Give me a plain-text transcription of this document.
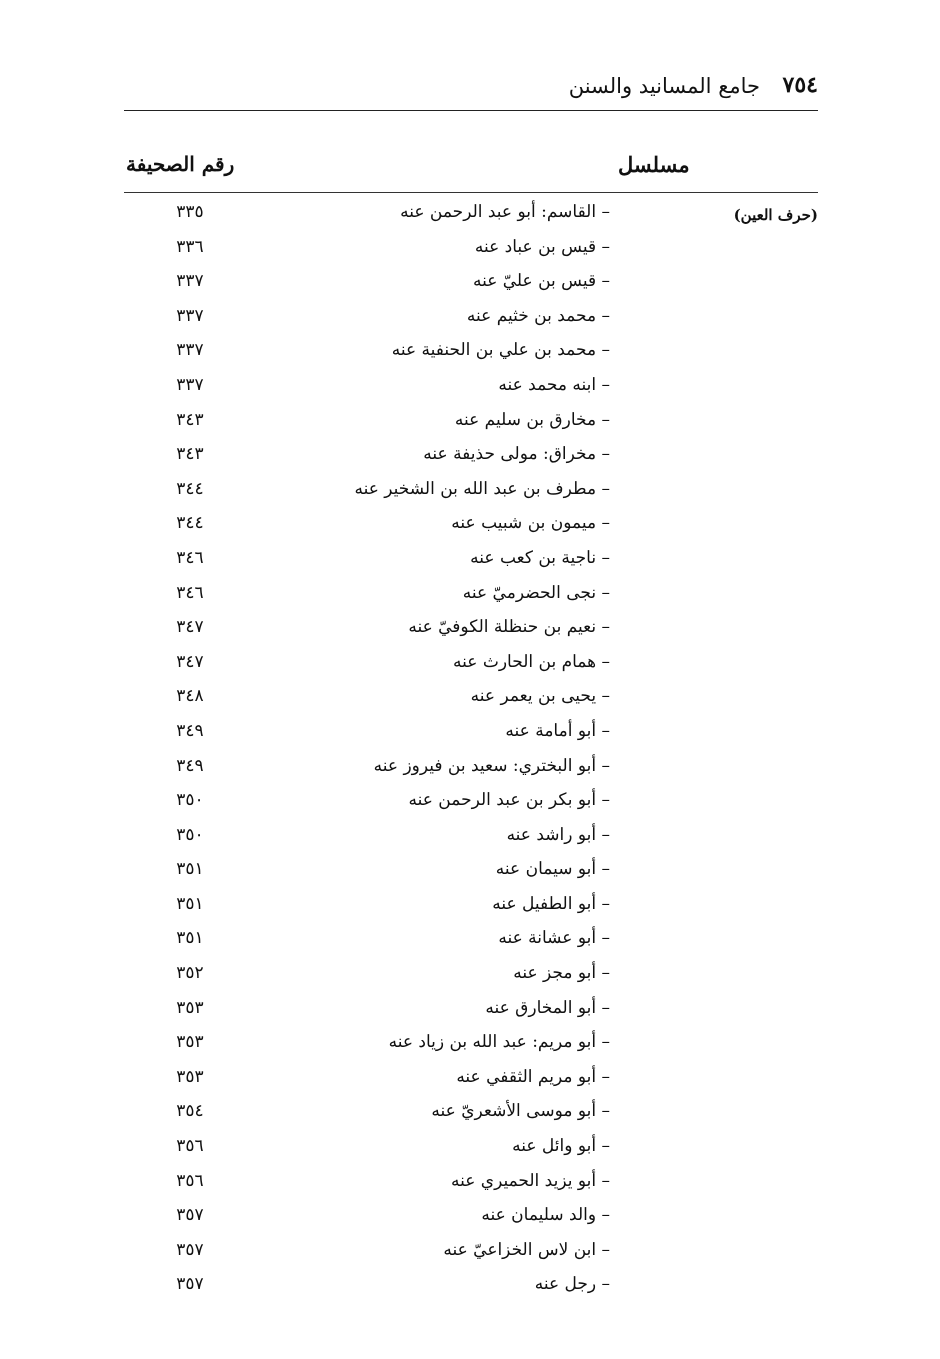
٧٥٤
جامع المسانيد والسنن
رقم الصحيفة	مسلسل
(حرف العين)
– القاسم: أبو عبد الرحمن عنه
٣٣٥
– قيس بن عباد عنه
٣٣٦
– قيس بن عليّ عنه
٣٣٧
– محمد بن خثيم عنه
٣٣٧
– محمد بن علي بن الحنفية عنه
٣٣٧
– ابنه محمد عنه
٣٣٧
– مخارق بن سليم عنه
٣٤٣
– مخراق: مولى حذيفة عنه
٣٤٣
– مطرف بن عبد الله بن الشخير عنه
٣٤٤
– ميمون بن شبيب عنه
٣٤٤
– ناجية بن كعب عنه
٣٤٦
– نجى الحضرميّ عنه
٣٤٦
– نعيم بن حنظلة الكوفيّ عنه
٣٤٧
– همام بن الحارث عنه
٣٤٧
– يحيى بن يعمر عنه
٣٤٨
– أبو أمامة عنه
٣٤٩
– أبو البختري: سعيد بن فيروز عنه
٣٤٩
– أبو بكر بن عبد الرحمن عنه
٣٥٠
– أبو راشد عنه
٣٥٠
– أبو سيمان عنه
٣٥١
– أبو الطفيل عنه
٣٥١
– أبو عشانة عنه
٣٥١
– أبو مجز عنه
٣٥٢
– أبو المخارق عنه
٣٥٣
– أبو مريم: عبد الله بن زياد عنه
٣٥٣
– أبو مريم الثقفي عنه
٣٥٣
– أبو موسى الأشعريّ عنه
٣٥٤
– أبو وائل عنه
٣٥٦
– أبو يزيد الحميري عنه
٣٥٦
– والد سليمان عنه
٣٥٧
– ابن لاس الخزاعيّ عنه
٣٥٧
– رجل عنه
٣٥٧
